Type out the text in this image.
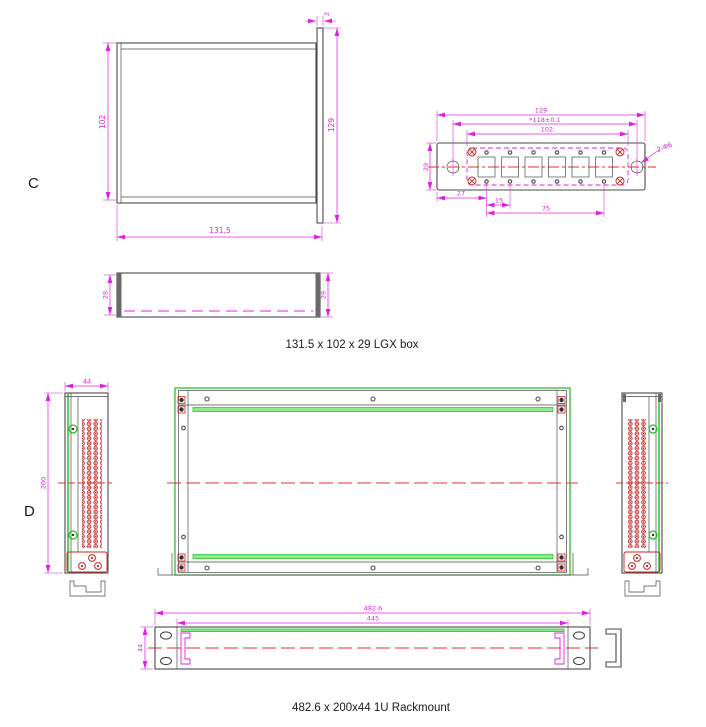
C
D
102
131,5
129
2
129
*118±0.1
102
29
27
15
75
2-Φ6
28	29
131.5 x 102 x 29 LGX box
44
200
482.6
445
44
482.6 x 200x44 1U Rackmount
